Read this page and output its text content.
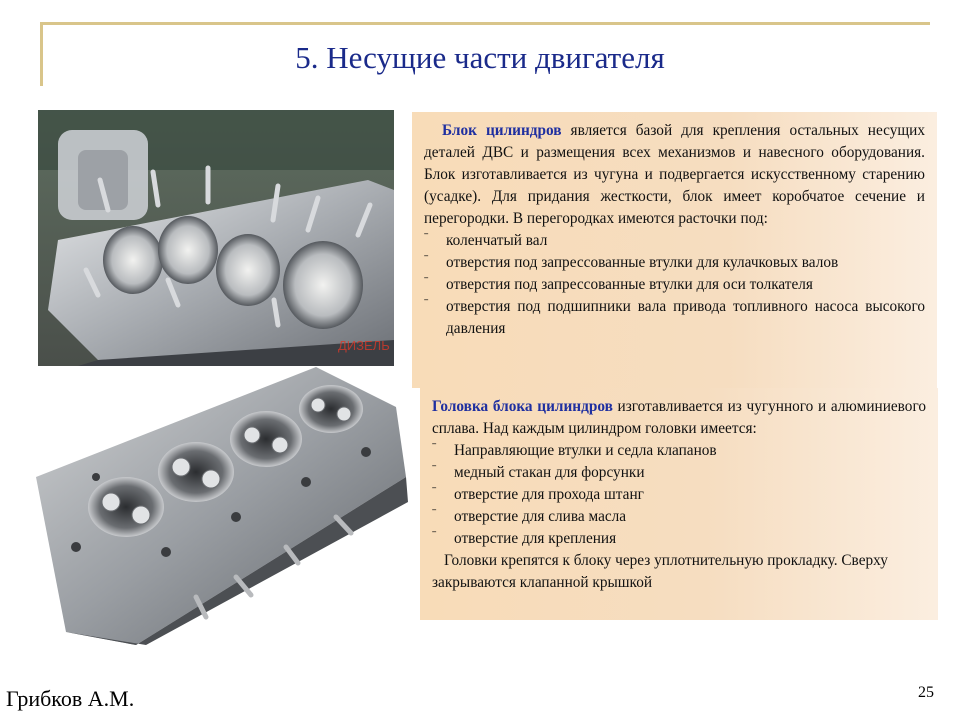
5. Несущие части двигателя
ДИЗЕЛЬ

Блок цилиндров является базой для крепления остальных несущих деталей ДВС и размещения всех механизмов и навесного оборудования. Блок изготавливается из чугуна и подвергается искусственному старению (усадке). Для придания жесткости, блок имеет коробчатое сечение и перегородки. В перегородках имеются расточки под:

ˉ коленчатый вал
ˉ отверстия под запрессованные втулки для кулачковых валов
ˉ отверстия под запрессованные втулки для оси толкателя
ˉ отверстия под подшипники вала привода топливного насоса высокого давления

Головка блока цилиндров изготавливается из чугунного и алюминиевого сплава. Над каждым цилиндром головки имеется:

ˉ Направляющие втулки и седла клапанов
ˉ медный стакан для форсунки
ˉ отверстие для прохода штанг
ˉ отверстие для слива масла
ˉ отверстие для крепления

Головки крепятся к блоку через уплотнительную прокладку. Сверху закрываются клапанной крышкой

Грибков А.М.	25
